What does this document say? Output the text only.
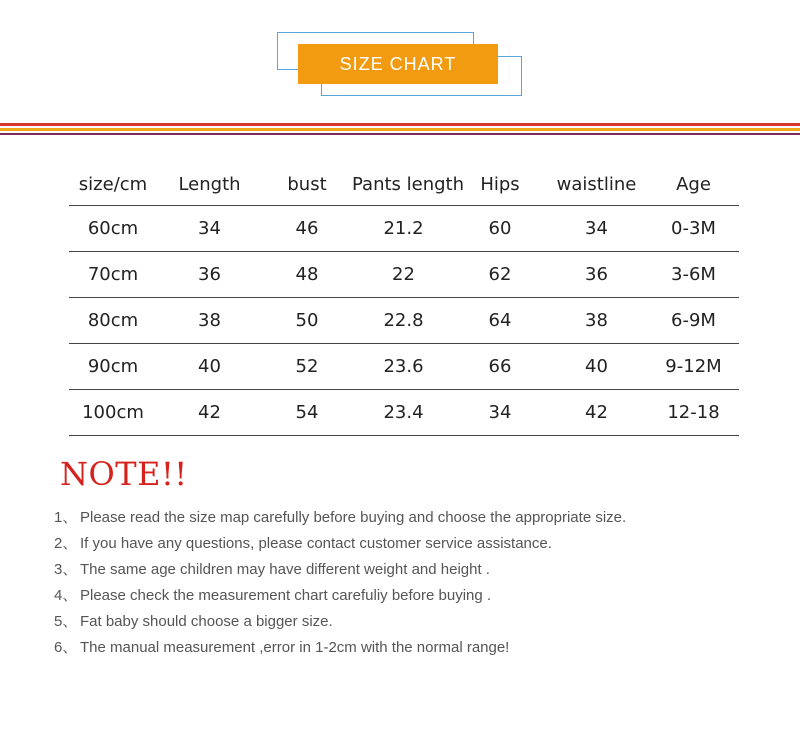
SIZE CHART
size/cm	Length	bust	Pants length	Hips	waistline	Age
60cm	34	46	21.2	60	34	0-3M
70cm	36	48	22	62	36	3-6M
80cm	38	50	22.8	64	38	6-9M
90cm	40	52	23.6	66	40	9-12M
100cm	42	54	23.4	34	42	12-18
NOTE!!
1、 Please read the size map carefully before buying and choose the appropriate size.
2、 If you have any questions, please contact customer service assistance.
3、 The same age children may have different weight and height .
4、 Please check the measurement chart carefuliy before buying .
5、 Fat baby should choose a bigger size.
6、 The manual measurement ,error in 1-2cm with the normal range!
